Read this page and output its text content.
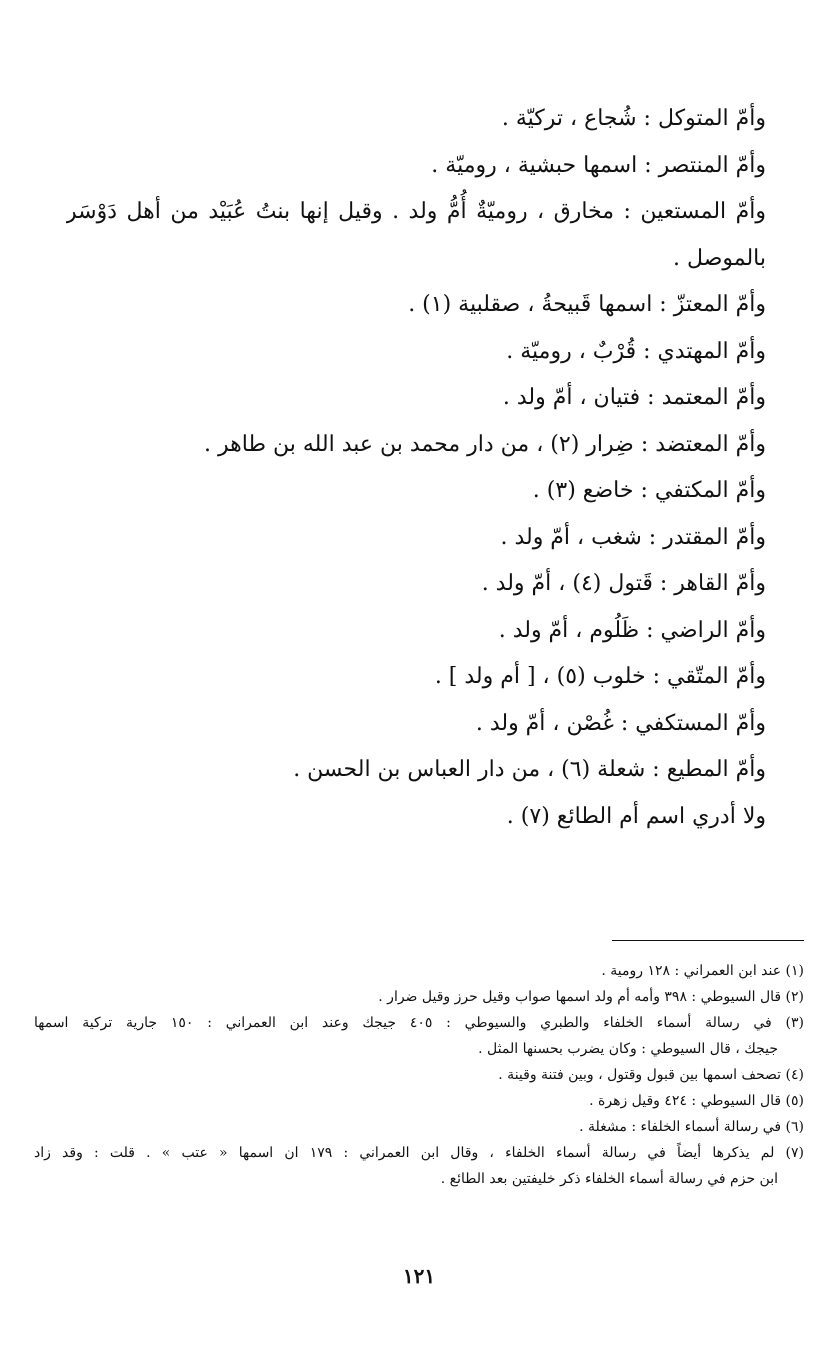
وأمّ المتوكل : شُجاع ، تركيّة .
وأمّ المنتصر : اسمها حبشية ، روميّة .
وأمّ المستعين : مخارق ، روميّةٌ أُمُّ ولد . وقيل إنها بنتُ عُبَيْد من أهل دَوْسَر
بالموصل .
وأمّ المعتزّ : اسمها قَبيحةُ ، صقلبية (١) .
وأمّ المهتدي : قُرْبٌ ، روميّة .
وأمّ المعتمد : فتيان ، أمّ ولد .
وأمّ المعتضد : ضِرار (٢) ، من دار محمد بن عبد الله بن طاهر .
وأمّ المكتفي : خاضع (٣) .
وأمّ المقتدر : شغب ، أمّ ولد .
وأمّ القاهر : قَتول (٤) ، أمّ ولد .
وأمّ الراضي : ظَلُوم ، أمّ ولد .
وأمّ المتّقي : خلوب (٥) ، [ أم ولد ] .
وأمّ المستكفي : غُصْن ، أمّ ولد .
وأمّ المطيع : شعلة (٦) ، من دار العباس بن الحسن .
ولا أدري اسم أم الطائع (٧) .
(١) عند ابن العمراني : ١٢٨ رومية .
(٢) قال السيوطي : ٣٩٨ وأمه أم ولد اسمها صواب وقيل حرز وقيل ضرار .
(٣) في رسالة أسماء الخلفاء والطبري والسيوطي : ٤٠٥ جيجك وعند ابن العمراني : ١٥٠ جارية تركية اسمها
جيجك ، قال السيوطي : وكان يضرب بحسنها المثل .
(٤) تصحف اسمها بين قبول وقتول ، وبين فتنة وقينة .
(٥) قال السيوطي : ٤٢٤ وقيل زهرة .
(٦) في رسالة أسماء الخلفاء : مشغلة .
(٧) لم يذكرها أيضاً في رسالة أسماء الخلفاء ، وقال ابن العمراني : ١٧٩ ان اسمها « عتب » . قلت : وقد زاد
ابن حزم في رسالة أسماء الخلفاء ذكر خليفتين بعد الطائع .
١٢١
